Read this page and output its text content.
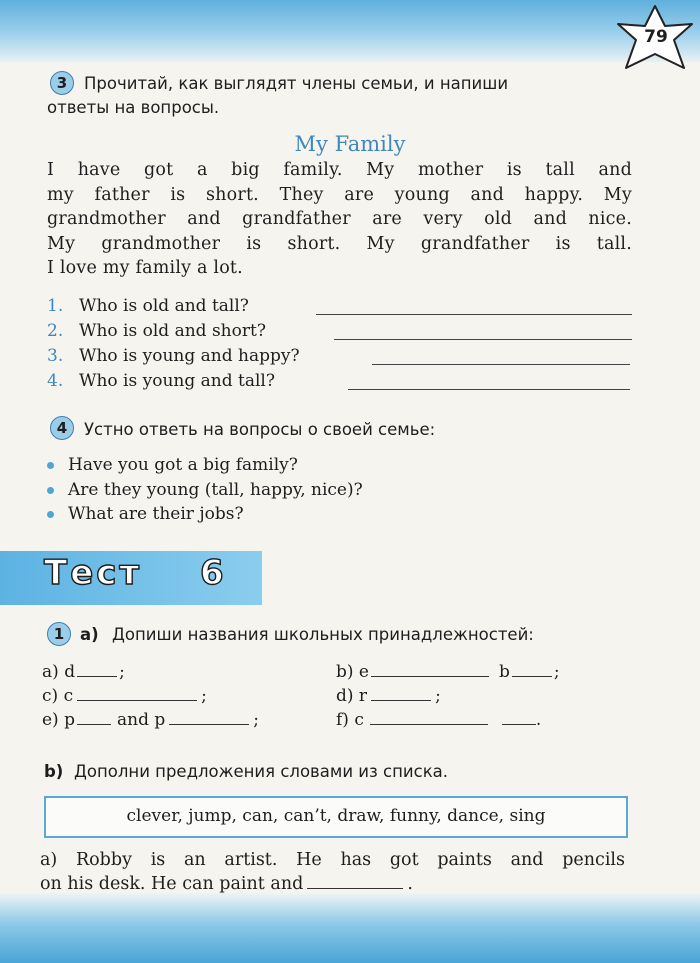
79
3	Прочитай, как выглядят члены семьи, и напиши
ответы на вопросы.
My Family
I have got a big family. My mother is tall and
my father is short. They are young and happy. My
grandmother and grandfather are very old and nice.
My grandmother is short. My grandfather is tall.
I love my family a lot.
1. Who is old and tall?
2. Who is old and short?
3. Who is young and happy?
4. Who is young and tall?
4	Устно ответь на вопросы о своей семье:
Have you got a big family?
Are they young (tall, happy, nice)?
What are their jobs?
Тест 6
1 a) Допиши названия школьных принадлежностей:
a) d	;	b) e	b	;
c) c	;	d) r	;
e) p and p	;	f) c	.
b) Дополни предложения словами из списка.
clever, jump, can, can’t, draw, funny, dance, sing
a) Robby is an artist. He has got paints and pencils
on his desk. He can paint and	.
